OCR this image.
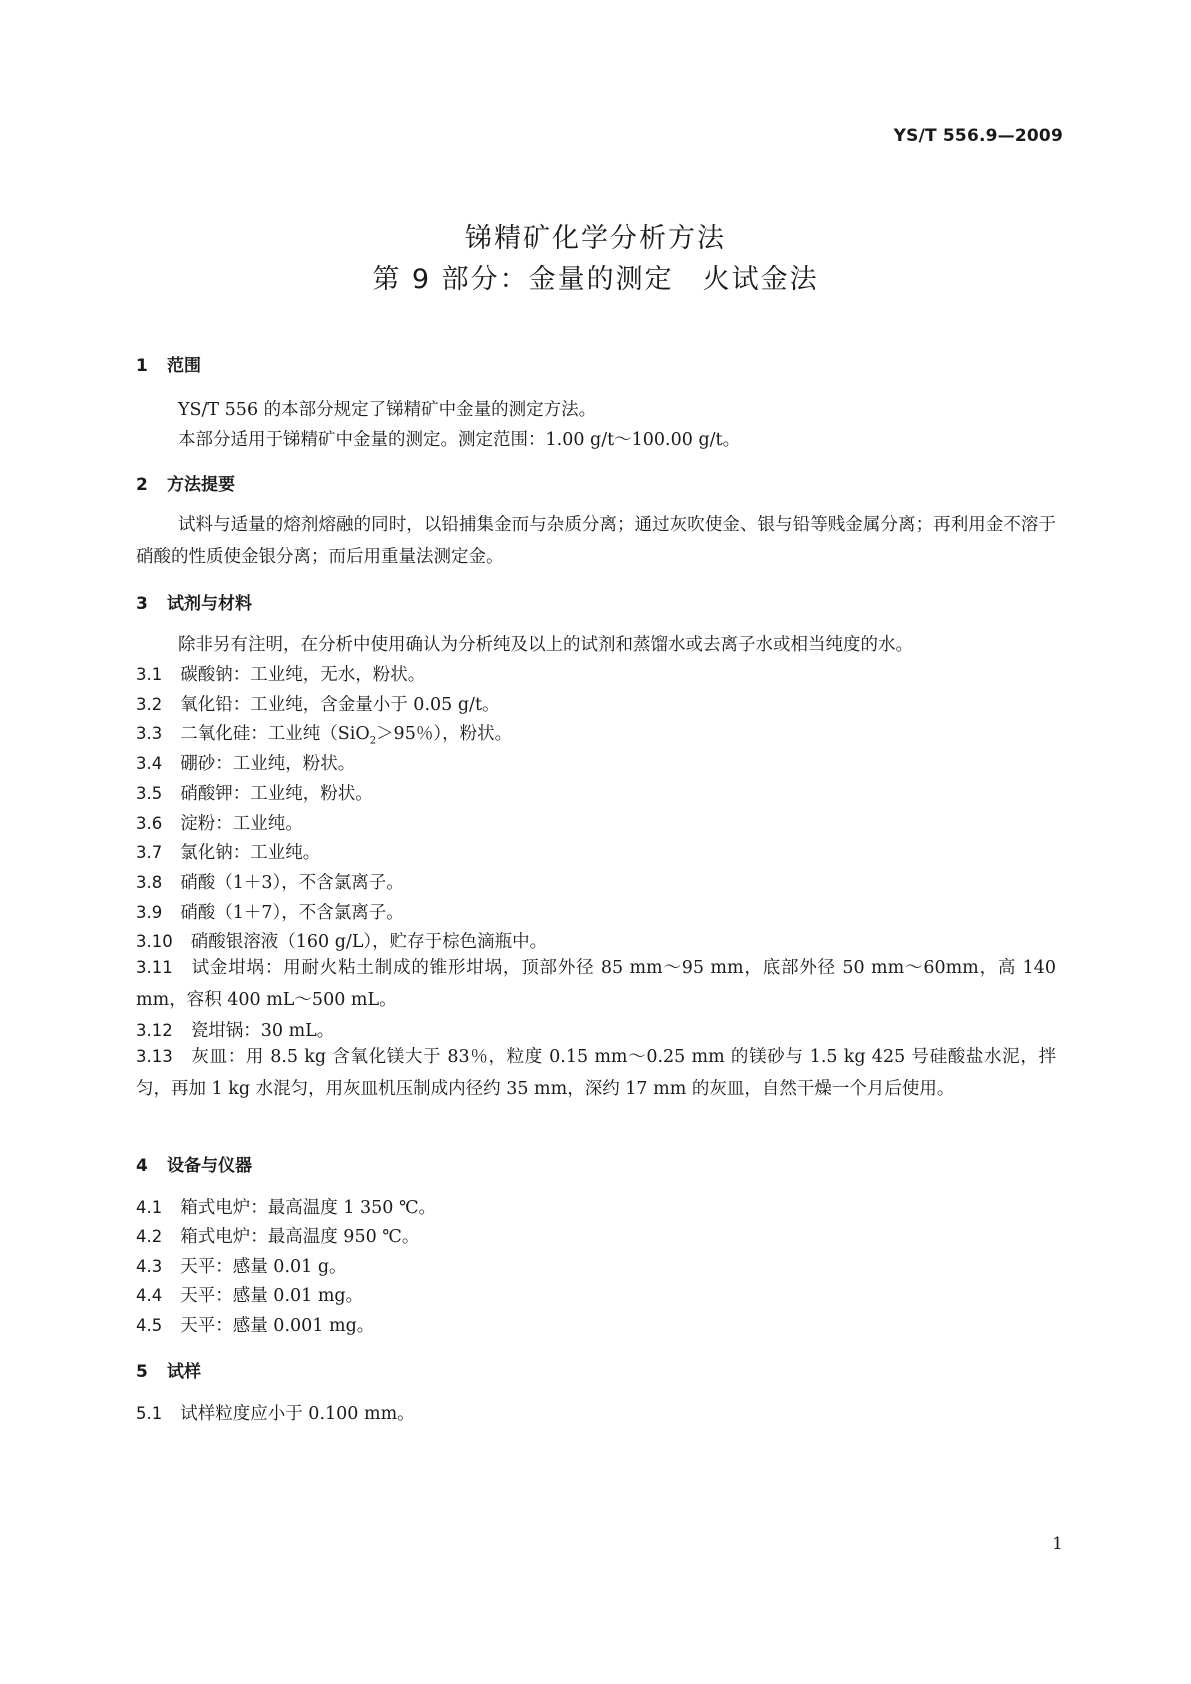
YS/T 556.9—2009
锑精矿化学分析方法
第 9 部分：金量的测定　火试金法
1 范围
YS/T 556 的本部分规定了锑精矿中金量的测定方法。
本部分适用于锑精矿中金量的测定。测定范围：1.00 g/t～100.00 g/t。
2 方法提要
试料与适量的熔剂熔融的同时，以铅捕集金而与杂质分离；通过灰吹使金、银与铅等贱金属分离；再利用金不溶于硝酸的性质使金银分离；而后用重量法测定金。
3 试剂与材料
除非另有注明，在分析中使用确认为分析纯及以上的试剂和蒸馏水或去离子水或相当纯度的水。
3.1 碳酸钠：工业纯，无水，粉状。
3.2 氧化铅：工业纯，含金量小于 0.05 g/t。
3.3 二氧化硅：工业纯（SiO$_2$＞95％），粉状。
3.4 硼砂：工业纯，粉状。
3.5 硝酸钾：工业纯，粉状。
3.6 淀粉：工业纯。
3.7 氯化钠：工业纯。
3.8 硝酸（1＋3），不含氯离子。
3.9 硝酸（1＋7），不含氯离子。
3.10 硝酸银溶液（160 g/L），贮存于棕色滴瓶中。
3.11 试金坩埚：用耐火粘土制成的锥形坩埚，顶部外径 85 mm～95 mm，底部外径 50 mm～60mm，高 140 mm，容积 400 mL～500 mL。
3.12 瓷坩锅：30 mL。
3.13 灰皿：用 8.5 kg 含氧化镁大于 83％，粒度 0.15 mm～0.25 mm 的镁砂与 1.5 kg 425 号硅酸盐水泥，拌匀，再加 1 kg 水混匀，用灰皿机压制成内径约 35 mm，深约 17 mm 的灰皿，自然干燥一个月后使用。
4 设备与仪器
4.1 箱式电炉：最高温度 1 350 ℃。
4.2 箱式电炉：最高温度 950 ℃。
4.3 天平：感量 0.01 g。
4.4 天平：感量 0.01 mg。
4.5 天平：感量 0.001 mg。
5 试样
5.1 试样粒度应小于 0.100 mm。
1
